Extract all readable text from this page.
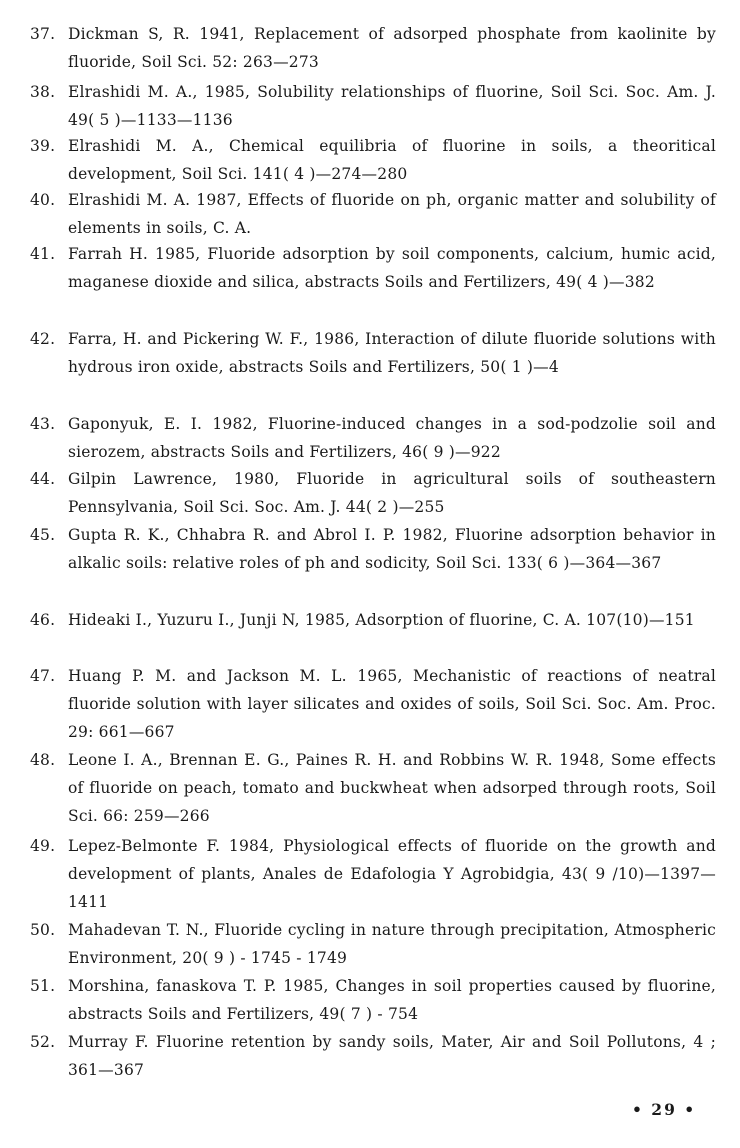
37. Dickman S, R. 1941, Replacement of adsorped phosphate from kaolinite by fluoride, Soil Sci. 52: 263—273
38. Elrashidi M. A., 1985, Solubility relationships of fluorine, Soil Sci. Soc. Am. J. 49( 5 )—1133—1136
39. Elrashidi M. A., Chemical equilibria of fluorine in soils, a theoritical development, Soil Sci. 141( 4 )—274—280
40. Elrashidi M. A. 1987, Effects of fluoride on ph, organic matter and solubility of elements in soils, C. A.
41. Farrah H. 1985, Fluoride adsorption by soil components, calcium, humic acid, maganese dioxide and silica, abstracts Soils and Fertilizers, 49( 4 )—382
42. Farra, H. and Pickering W. F., 1986, Interaction of dilute fluoride solutions with hydrous iron oxide, abstracts Soils and Fertilizers, 50( 1 )—4
43. Gaponyuk, E. I. 1982, Fluorine-induced changes in a sod-podzolie soil and sierozem, abstracts Soils and Fertilizers, 46( 9 )—922
44. Gilpin Lawrence, 1980, Fluoride in agricultural soils of southeastern Pennsylvania, Soil Sci. Soc. Am. J. 44( 2 )—255
45. Gupta R. K., Chhabra R. and Abrol I. P. 1982, Fluorine adsorption behavior in alkalic soils: relative roles of ph and sodicity, Soil Sci. 133( 6 )—364—367
46. Hideaki I., Yuzuru I., Junji N, 1985, Adsorption of fluorine, C. A. 107(10)—151
47. Huang P. M. and Jackson M. L. 1965, Mechanistic of reactions of neatral fluoride solution with layer silicates and oxides of soils, Soil Sci. Soc. Am. Proc. 29: 661—667
48. Leone I. A., Brennan E. G., Paines R. H. and Robbins W. R. 1948, Some effects of fluoride on peach, tomato and buckwheat when adsorped through roots, Soil Sci. 66: 259—266
49. Lepez-Belmonte F. 1984, Physiological effects of fluoride on the growth and development of plants, Anales de Edafologia Y Agrobidgia, 43( 9 /10)—1397—1411
50. Mahadevan T. N., Fluoride cycling in nature through precipitation, Atmospheric Environment, 20( 9 ) - 1745 - 1749
51. Morshina, fanaskova T. P. 1985, Changes in soil properties caused by fluorine, abstracts Soils and Fertilizers, 49( 7 ) - 754
52. Murray F. Fluorine retention by sandy soils, Mater, Air and Soil Pollutons, 4 ; 361—367
• 29 •
